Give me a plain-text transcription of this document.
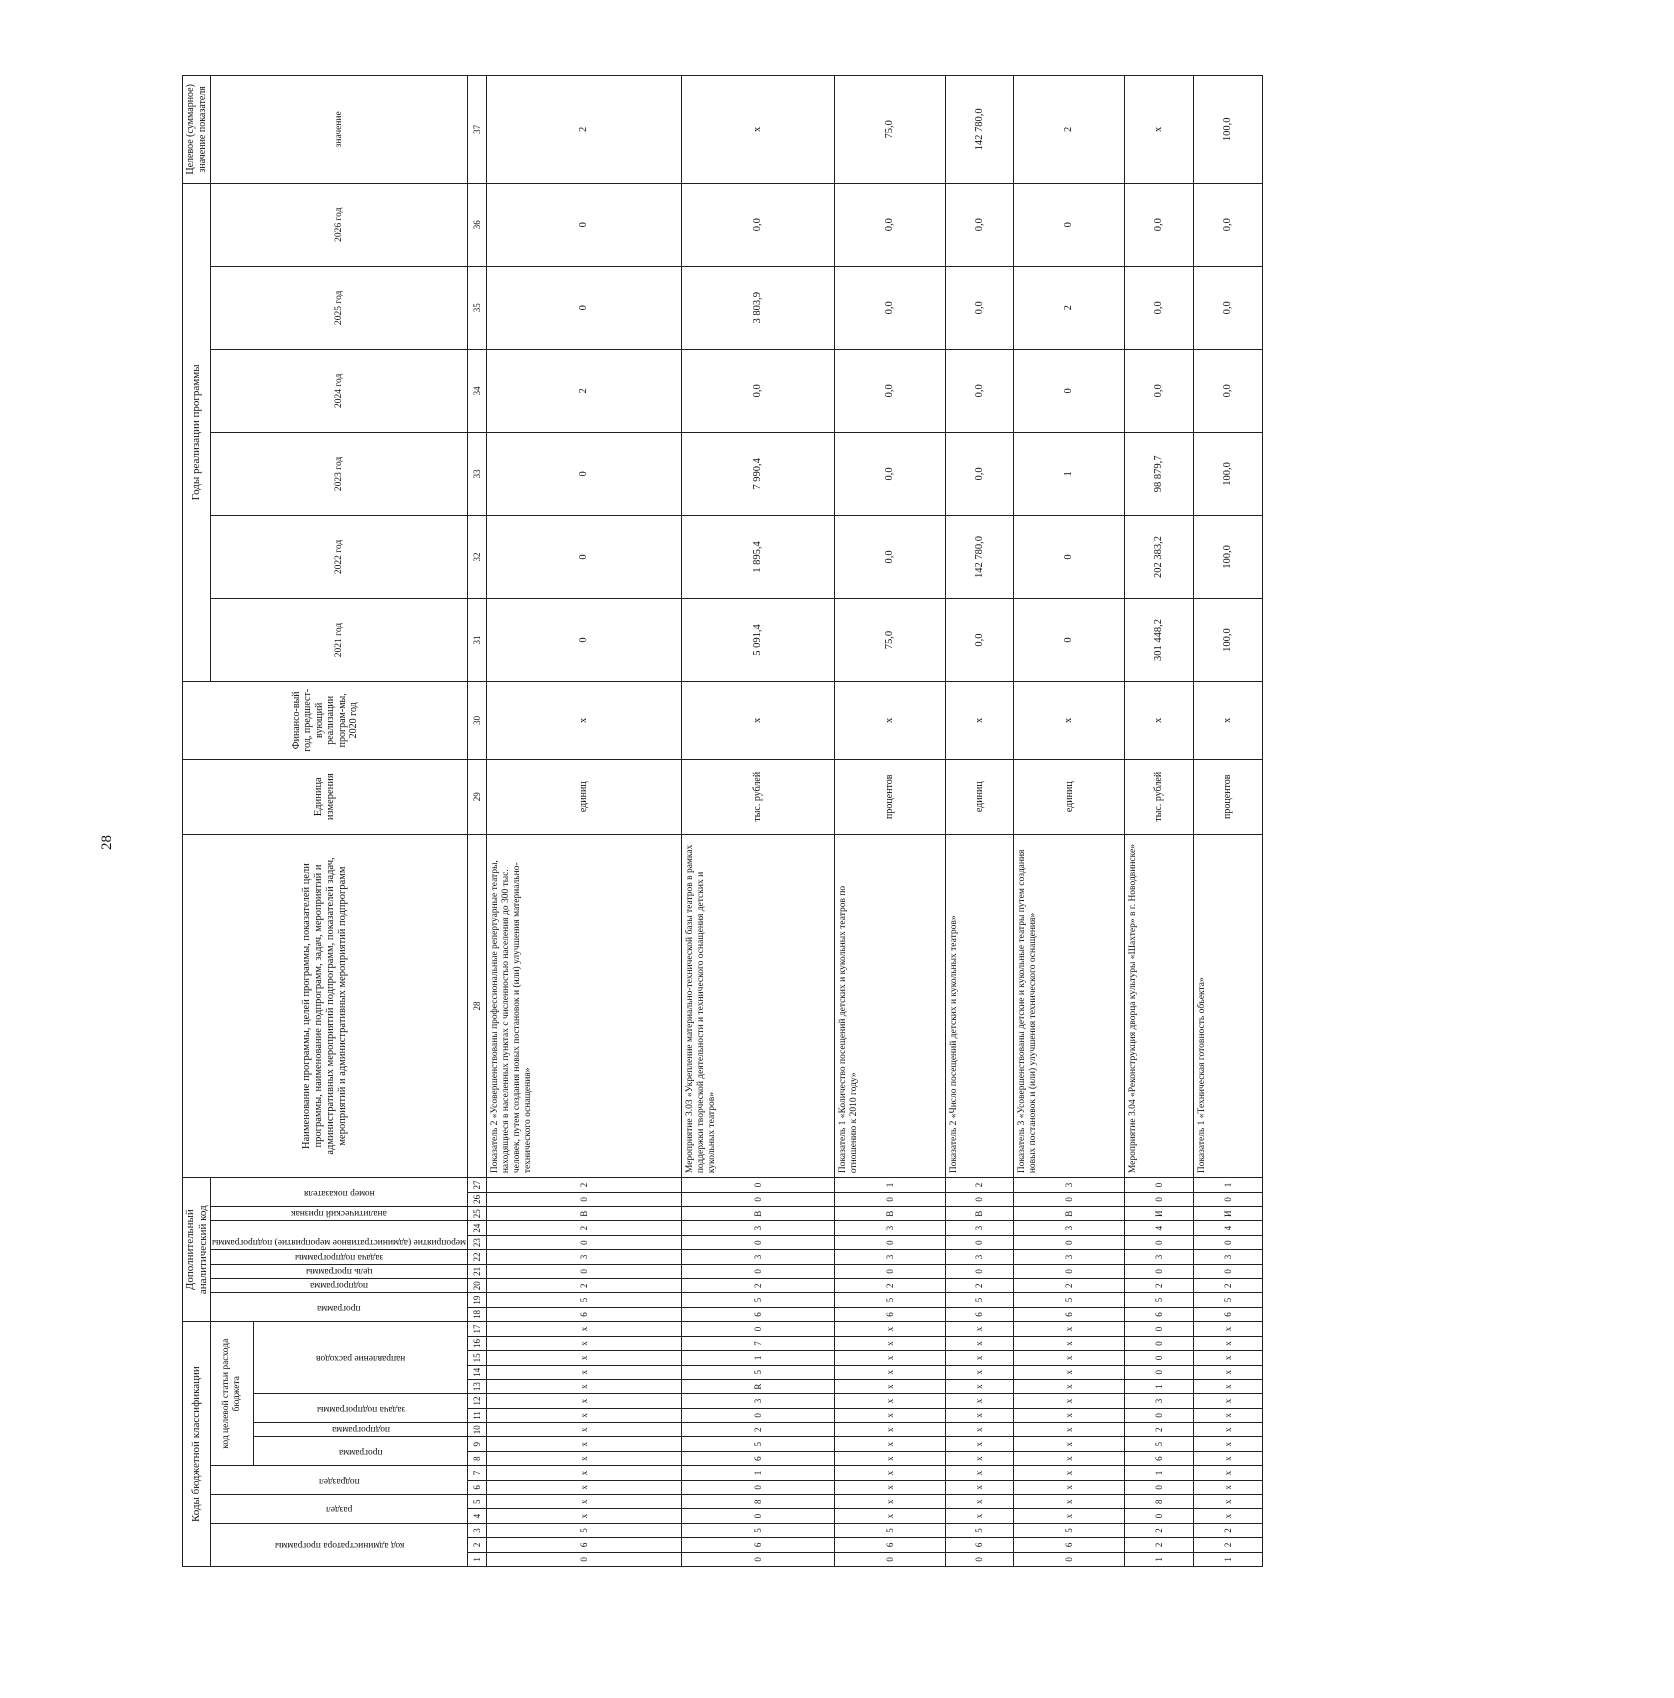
28
Коды бюджетной классификации																	Дополнительный аналитический код										Наименование программы, целей программы, показателей цели программы, наименование подпрограмм, задач, мероприятий и административных мероприятий подпрограмм, показателей задач, мероприятий и административных мероприятий подпрограмм	Единица измерения	Финансо-вый год, предшест-вующий реализации програм-мы, 2020 год	Годы реализации программы						Целевое (суммарное) значение показателя

код администратора программы			раздел		подраздел		код целевой статьи расхода бюджета										программа		подпрограмма	цель программы	задача подпрограммы	мероприятие (административное мероприятие) подпрограммы		аналитический признак	номер показателя					2021 год	2022 год	2023 год	2024 год	2025 год	2026 год	значение

							программа		подпрограмма	задача подпрограммы		направление расходов																								

1	2	3	4	5	6	7	8	9	10	11	12	13	14	15	16	17	18	19	20	21	22	23	24	25	26	27	28	29	30	31	32	33	34	35	36	37
0	6	5	х	х	х	х	х	х	х	х	х	х	х	х	х	х	6	5	2	0	3	0	2	В	0	2	Показатель 2 «Усовершенствованы профессиональные репертуарные театры, находящиеся в населенных пунктах с численностью населения до 300 тыс. человек, путем создания новых постановок и (или) улучшения материально-технического оснащения»	единиц	х	0	0	0	2	0	0	2
0	6	5	0	8	0	1	6	5	2	0	3	R	5	1	7	0	6	5	2	0	3	0	3	В	0	0	Мероприятие 3.03 «Укрепление материально-технической базы театров в рамках поддержки творческой деятельности и технического оснащения детских и кукольных театров»	тыс. рублей	х	5 091,4	1 895,4	7 990,4	0,0	3 803,9	0,0	х
0	6	5	х	х	х	х	х	х	х	х	х	х	х	х	х	х	6	5	2	0	3	0	3	В	0	1	Показатель 1 «Количество посещений детских и кукольных театров по отношению к 2010 году»	процентов	х	75,0	0,0	0,0	0,0	0,0	0,0	75,0
0	6	5	х	х	х	х	х	х	х	х	х	х	х	х	х	х	6	5	2	0	3	0	3	В	0	2	Показатель 2 «Число посещений детских и кукольных театров»	единиц	х	0,0	142 780,0	0,0	0,0	0,0	0,0	142 780,0
0	6	5	х	х	х	х	х	х	х	х	х	х	х	х	х	х	6	5	2	0	3	0	3	В	0	3	Показатель 3 «Усовершенствованы детские и кукольные театры путем создания новых постановок и (или) улучшения технического оснащения»	единиц	х	0	0	1	0	2	0	2
1	2	2	0	8	0	1	6	5	2	0	3	1	0	0	0	0	6	5	2	0	3	0	4	И	0	0	Мероприятие 3.04 «Реконструкция дворца культуры «Шахтер» в г. Новодвинске»	тыс. рублей	х	301 448,2	202 383,2	98 879,7	0,0	0,0	0,0	х
1	2	2	х	х	х	х	х	х	х	х	х	х	х	х	х	х	6	5	2	0	3	0	4	И	0	1	Показатель 1 «Техническая готовность объекта»	процентов	х	100,0	100,0	100,0	0,0	0,0	0,0	100,0
